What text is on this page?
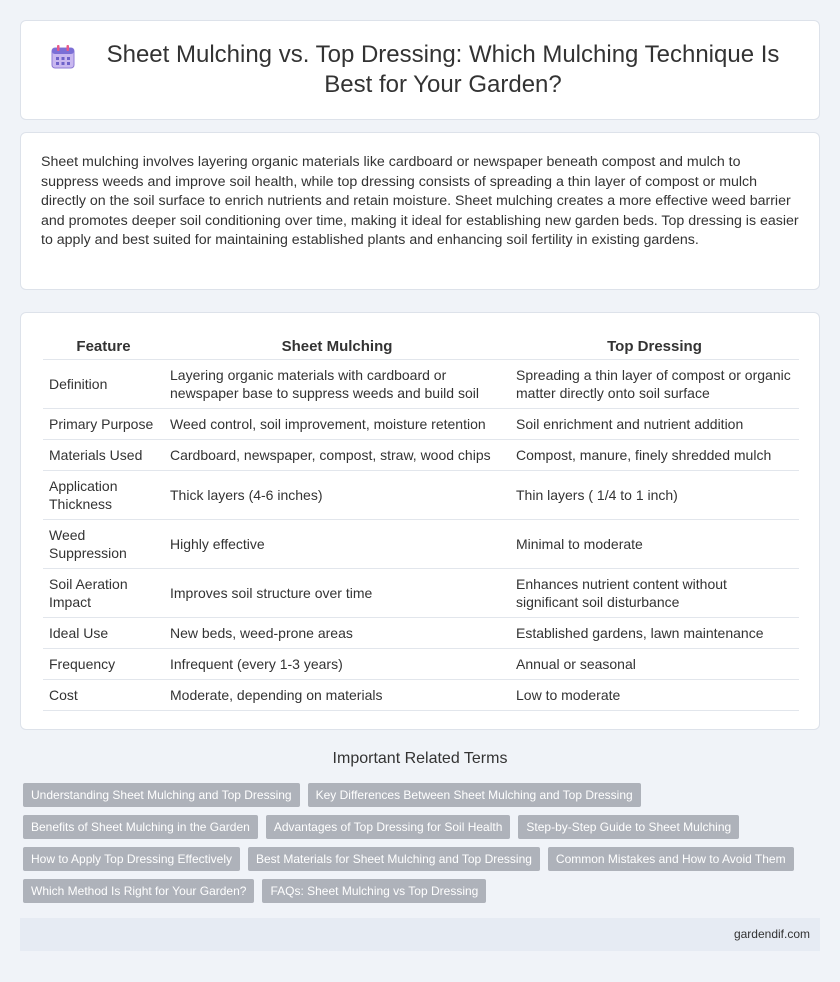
Sheet Mulching vs. Top Dressing: Which Mulching Technique Is Best for Your Garden?

Sheet mulching involves layering organic materials like cardboard or newspaper beneath compost and mulch to suppress weeds and improve soil health, while top dressing consists of spreading a thin layer of compost or mulch directly on the soil surface to enrich nutrients and retain moisture. Sheet mulching creates a more effective weed barrier and promotes deeper soil conditioning over time, making it ideal for establishing new garden beds. Top dressing is easier to apply and best suited for maintaining established plants and enhancing soil fertility in existing gardens.

Feature	Sheet Mulching	Top Dressing
Definition	Layering organic materials with cardboard or newspaper base to suppress weeds and build soil	Spreading a thin layer of compost or organic matter directly onto soil surface
Primary Purpose	Weed control, soil improvement, moisture retention	Soil enrichment and nutrient addition
Materials Used	Cardboard, newspaper, compost, straw, wood chips	Compost, manure, finely shredded mulch
Application Thickness	Thick layers (4-6 inches)	Thin layers ( 1/4 to 1 inch)
Weed Suppression	Highly effective	Minimal to moderate
Soil Aeration Impact	Improves soil structure over time	Enhances nutrient content without significant soil disturbance
Ideal Use	New beds, weed-prone areas	Established gardens, lawn maintenance
Frequency	Infrequent (every 1-3 years)	Annual or seasonal
Cost	Moderate, depending on materials	Low to moderate
Important Related Terms
Understanding Sheet Mulching and Top Dressing	Key Differences Between Sheet Mulching and Top Dressing
Benefits of Sheet Mulching in the Garden	Advantages of Top Dressing for Soil Health	Step-by-Step Guide to Sheet Mulching
How to Apply Top Dressing Effectively	Best Materials for Sheet Mulching and Top Dressing	Common Mistakes and How to Avoid Them
Which Method Is Right for Your Garden?	FAQs: Sheet Mulching vs Top Dressing
gardendif.com
